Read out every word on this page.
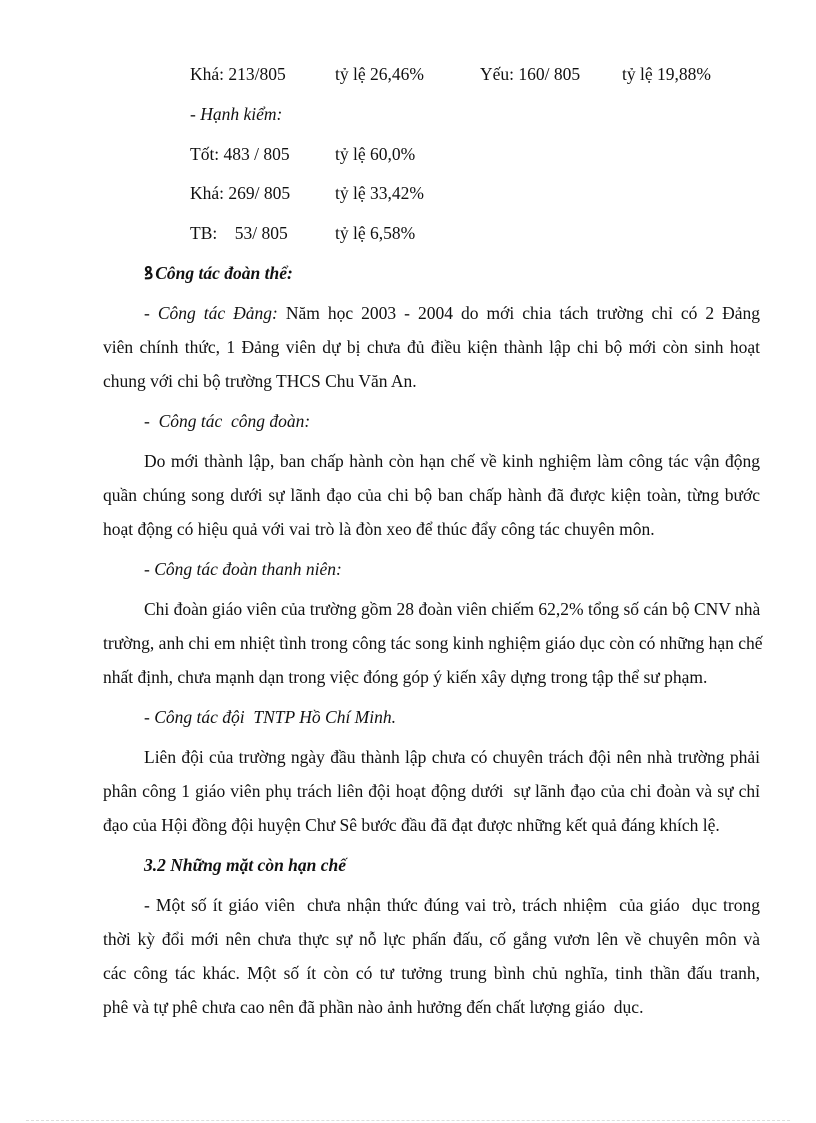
Khá: 213/805	tỷ lệ 26,46%	Yếu: 160/ 805 tỷ lệ 19,88%
- Hạnh kiểm:
Tốt: 483 / 805	tỷ lệ 60,0%
Khá: 269/ 805	tỷ lệ 33,42%
TB:    53/ 805	tỷ lệ 6,58%
ꝸ Công tác đoàn thể:
- Công tác Đảng: Năm học 2003 - 2004 do mới chia tách trường chỉ có 2 Đảng
viên chính thức, 1 Đảng viên dự bị chưa đủ điều kiện thành lập chi bộ mới còn sinh hoạt
chung với chi bộ trường THCS Chu Văn An.
-  Công tác  công đoàn:
Do mới thành lập, ban chấp hành còn hạn chế về kinh nghiệm làm công tác vận động
quần chúng song dưới sự lãnh đạo của chi bộ ban chấp hành đã được kiện toàn, từng bước
hoạt động có hiệu quả với vai trò là đòn xeo để thúc đẩy công tác chuyên môn.
- Công tác đoàn thanh niên:
Chi đoàn giáo viên của trường gồm 28 đoàn viên chiếm 62,2% tổng số cán bộ CNV nhà
trường, anh chi em nhiệt tình trong công tác song kinh nghiệm giáo dục còn có những hạn chế
nhất định, chưa mạnh dạn trong việc đóng góp ý kiến xây dựng trong tập thể sư phạm.
- Công tác đội  TNTP Hồ Chí Minh.
Liên đội của trường ngày đầu thành lập chưa có chuyên trách đội nên nhà trường phải
phân công 1 giáo viên phụ trách liên đội hoạt động dưới  sự lãnh đạo của chi đoàn và sự chỉ
đạo của Hội đồng đội huyện Chư Sê bước đầu đã đạt được những kết quả đáng khích lệ.
3.2 Những mặt còn hạn chế
- Một số ít giáo viên  chưa nhận thức đúng vai trò, trách nhiệm  của giáo  dục trong
thời kỳ đổi mới nên chưa thực sự nỗ lực phấn đấu, cố gắng vươn lên về chuyên môn và
các công tác khác. Một số ít còn có tư tưởng trung bình chủ nghĩa, tinh thần đấu tranh,
phê và tự phê chưa cao nên đã phần nào ảnh hưởng đến chất lượng giáo  dục.
